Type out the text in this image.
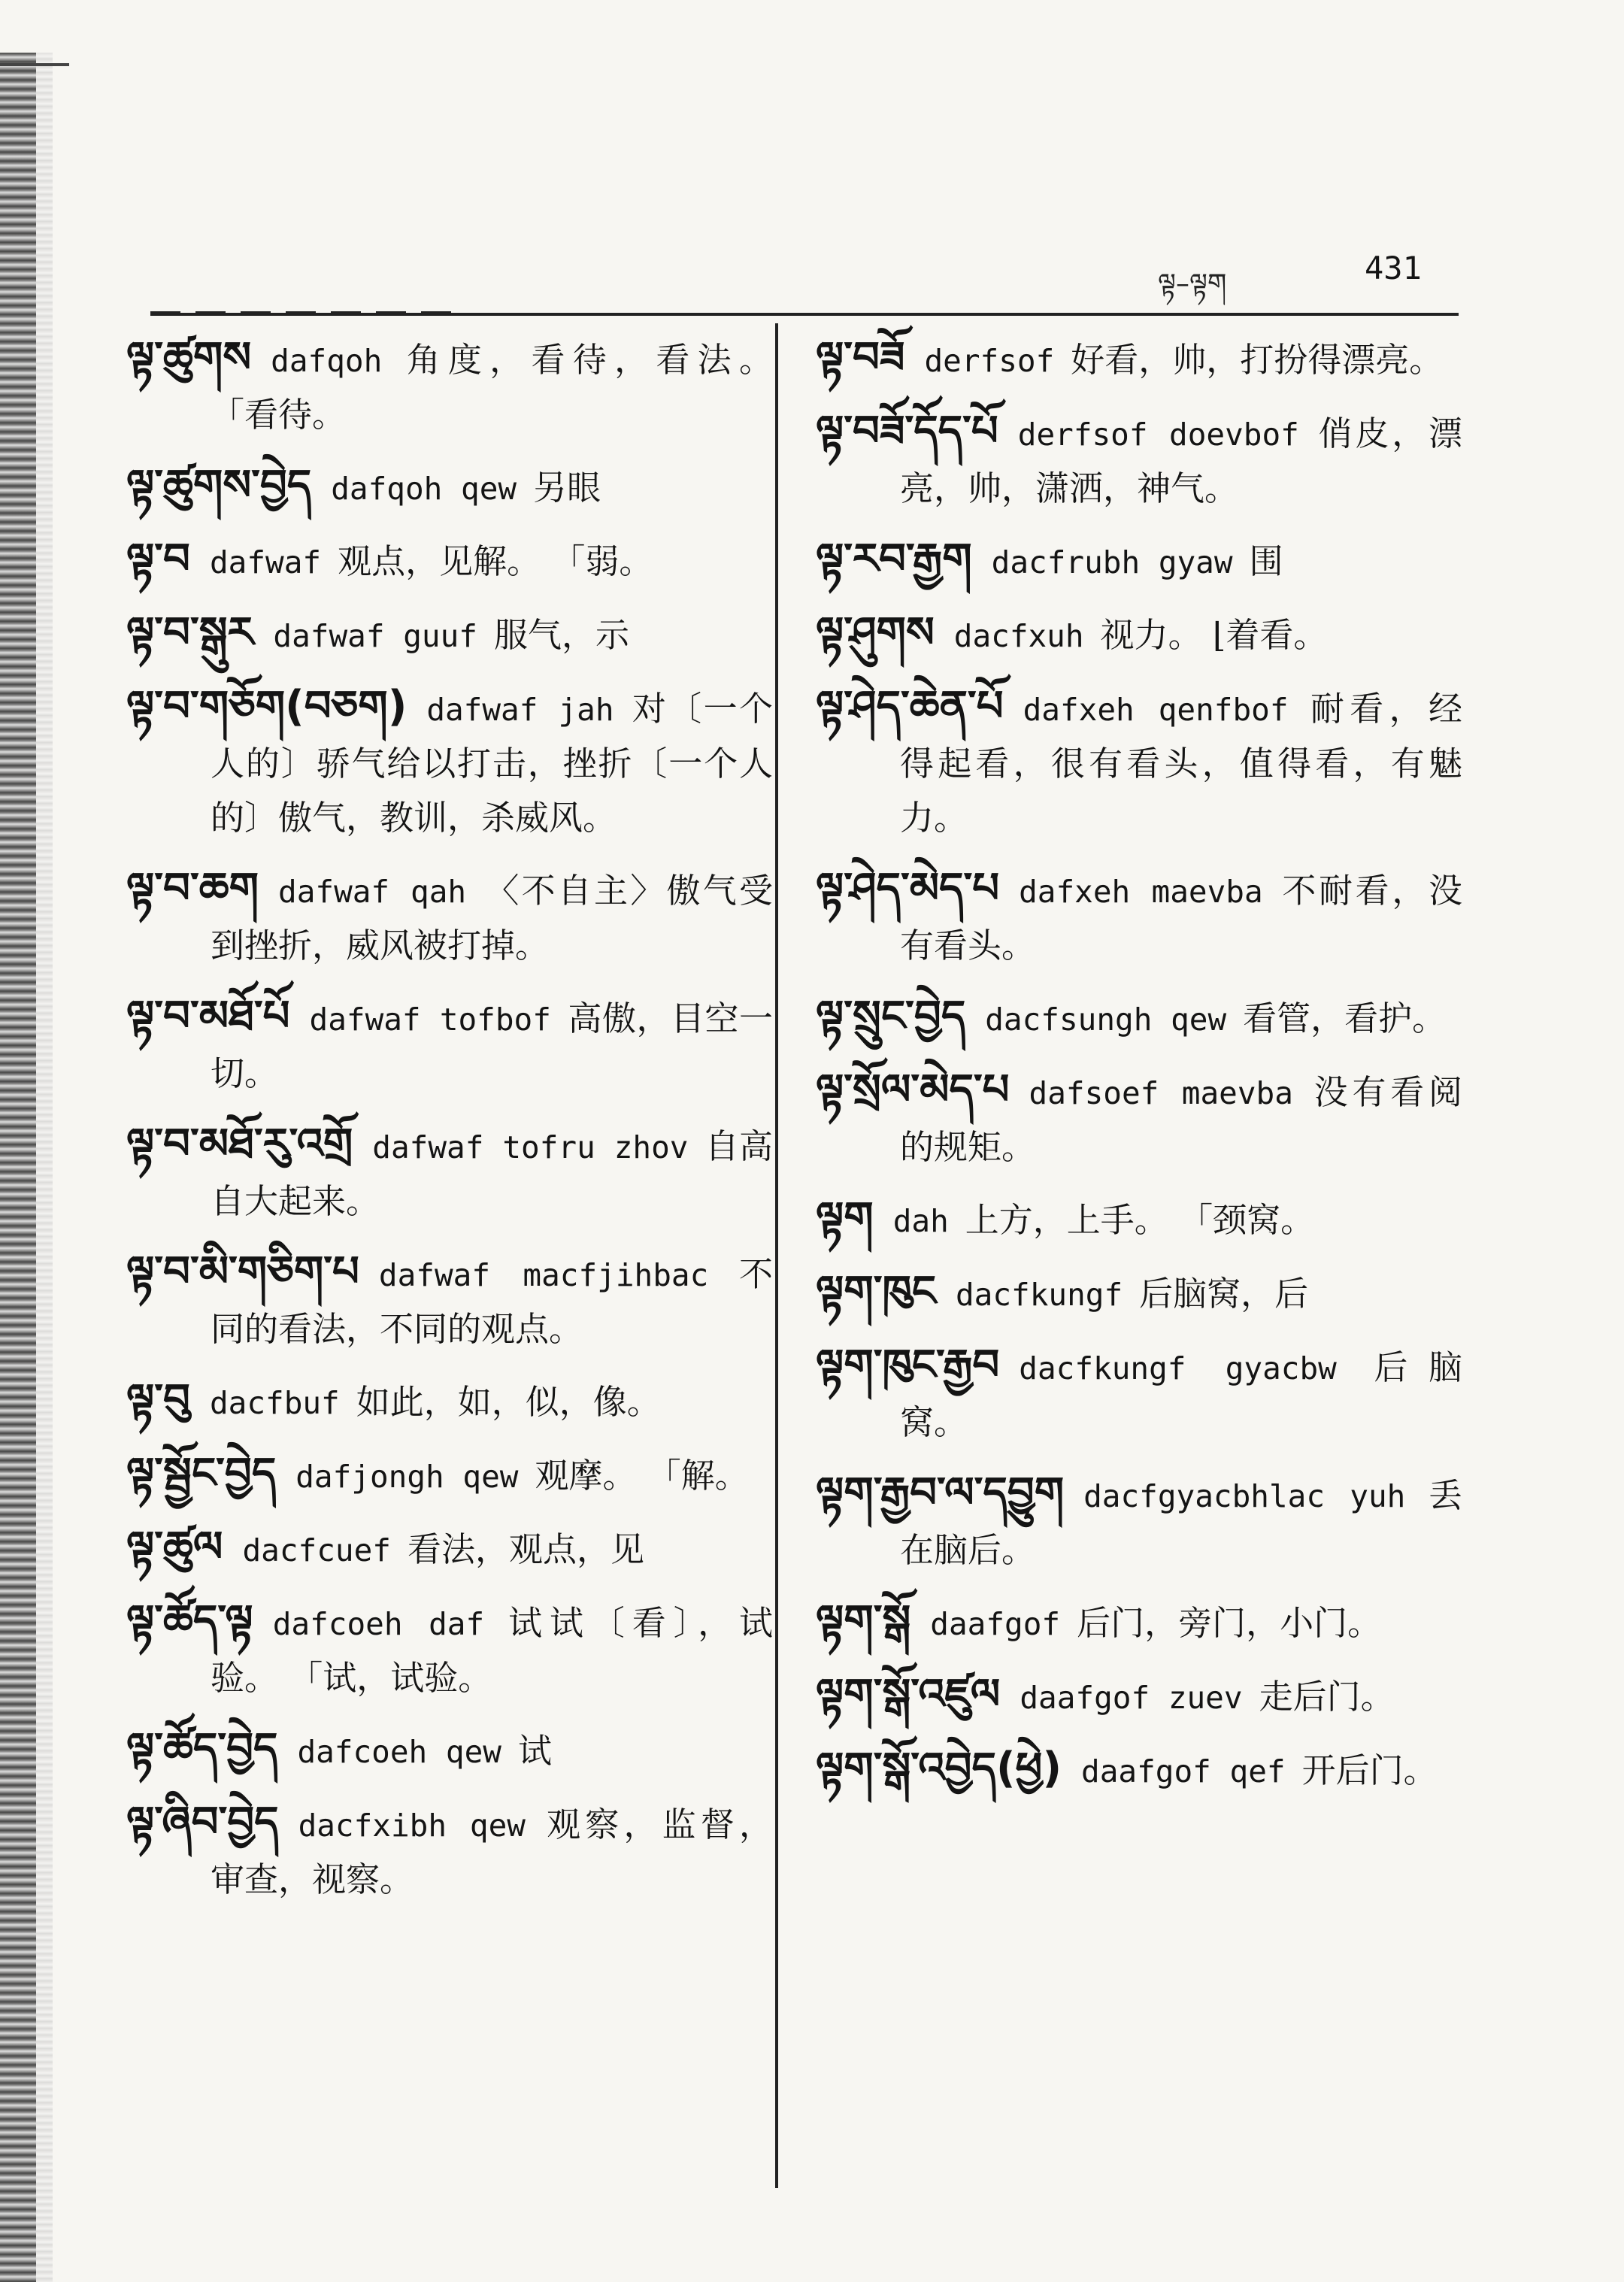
ལྟ–ལྟག	431
ལྟ་ཚུགས dafqoh 角度，看待，看法。 「看待。
ལྟ་ཚུགས་བྱེད dafqoh qew 另眼
ལྟ་བ dafwaf 观点，见解。 「弱。
ལྟ་བ་སྒུར dafwaf guuf 服气，示
ལྟ་བ་གཅོག(བཅག) dafwaf jah 对〔一个人的〕骄气给以打击，挫折〔一个人的〕傲气，教训，杀威风。
ལྟ་བ་ཆག dafwaf qah 〈不自主〉傲气受到挫折，威风被打掉。
ལྟ་བ་མཐོ་པོ dafwaf tofbof 高傲，目空一切。
ལྟ་བ་མཐོ་རུ་འགྲོ dafwaf tofru zhov 自高自大起来。
ལྟ་བ་མི་གཅིག་པ dafwaf macfjihbac 不同的看法，不同的观点。
ལྟ་བུ dacfbuf 如此，如，似，像。
ལྟ་སྦྱོང་བྱེད dafjongh qew 观摩。 「解。
ལྟ་ཚུལ dacfcuef 看法，观点，见
ལྟ་ཚོད་ལྟ dafcoeh daf 试试〔看〕，试验。 「试，试验。
ལྟ་ཚོད་བྱེད dafcoeh qew 试
ལྟ་ཞིབ་བྱེད dacfxibh qew 观察，监督，审查，视察。
ལྟ་བཟོ derfsof 好看，帅，打扮得漂亮。
ལྟ་བཟོ་དོད་པོ derfsof doevbof 俏皮，漂亮，帅，潇洒，神气。
ལྟ་རབ་རྒྱག dacfrubh gyaw 围
ལྟ་ཤུགས dacfxuh 视力。 ⌊着看。
ལྟ་ཤེད་ཆེན་པོ dafxeh qenfbof 耐看，经得起看，很有看头，值得看，有魅力。
ལྟ་ཤེད་མེད་པ dafxeh maevba 不耐看，没有看头。
ལྟ་སྲུང་བྱེད dacfsungh qew 看管，看护。
ལྟ་སྲོལ་མེད་པ dafsoef maevba 没有看阅的规矩。
ལྟག dah 上方，上手。 「颈窝。
ལྟག་ཁུང dacfkungf 后脑窝，后
ལྟག་ཁུང་རྒྱབ dacfkungf gyacbw 后脑窝。
ལྟག་རྒྱབ་ལ་དབྱུག dacfgyacbhlac yuh 丢在脑后。
ལྟག་སྒོ daafgof 后门，旁门，小门。
ལྟག་སྒོ་འཛུལ daafgof zuev 走后门。
ལྟག་སྒོ་འབྱེད(ཕྱེ) daafgof qef 开后门。
